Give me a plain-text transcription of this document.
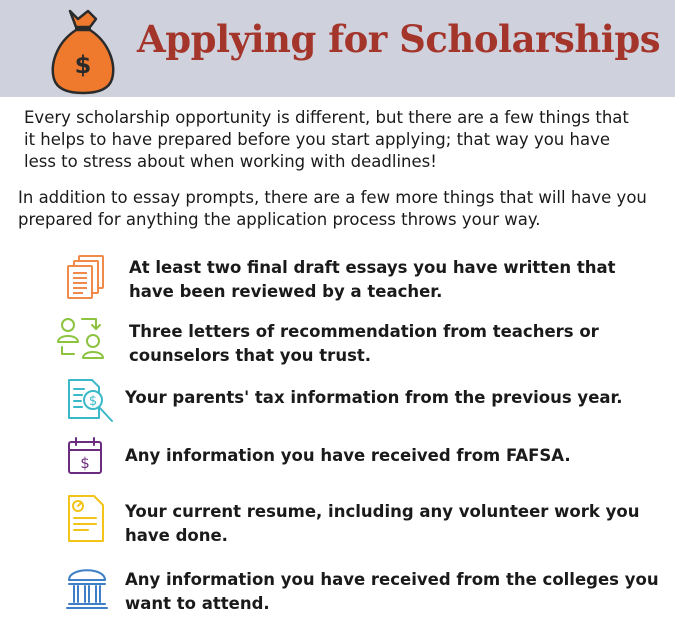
$
Applying for Scholarships
Every scholarship opportunity is different, but there are a few things that
it helps to have prepared before you start applying; that way you have
less to stress about when working with deadlines!
In addition to essay prompts, there are a few more things that will have you
prepared for anything the application process throws your way.
At least two final draft essays you have written that
have been reviewed by a teacher.
Three letters of recommendation from teachers or
counselors that you trust.
$ Your parents' tax information from the previous year.
$ Any information you have received from FAFSA.
Your current resume, including any volunteer work you
have done.
Any information you have received from the colleges you
want to attend.
